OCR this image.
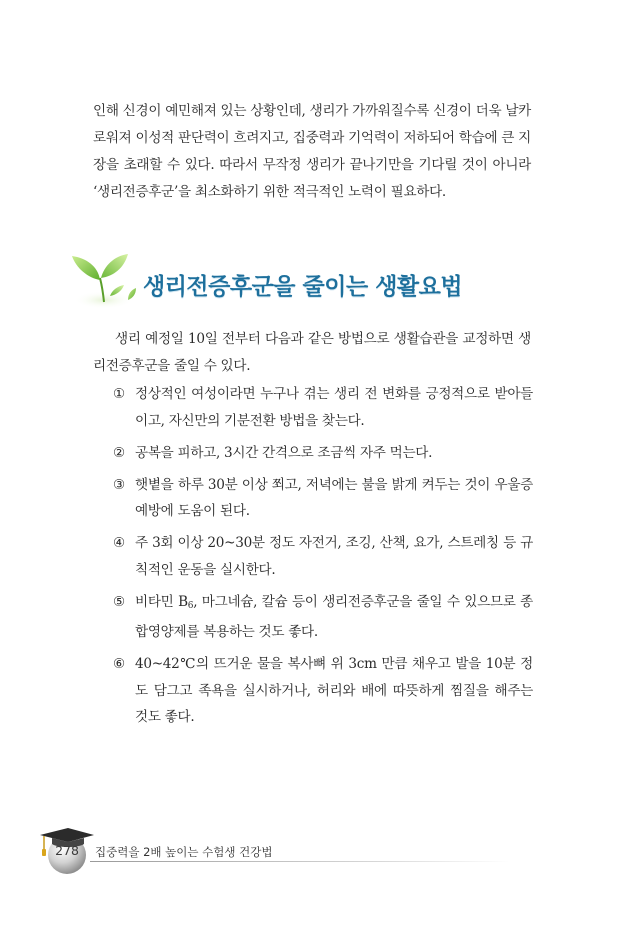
인해 신경이 예민해져 있는 상황인데, 생리가 가까워질수록 신경이 더욱 날카로워져 이성적 판단력이 흐려지고, 집중력과 기억력이 저하되어 학습에 큰 지장을 초래할 수 있다. 따라서 무작정 생리가 끝나기만을 기다릴 것이 아니라 ‘생리전증후군’을 최소화하기 위한 적극적인 노력이 필요하다.

생리전증후군을 줄이는 생활요법

생리 예정일 10일 전부터 다음과 같은 방법으로 생활습관을 교정하면 생리전증후군을 줄일 수 있다.

① 정상적인 여성이라면 누구나 겪는 생리 전 변화를 긍정적으로 받아들이고, 자신만의 기분전환 방법을 찾는다.
② 공복을 피하고, 3시간 간격으로 조금씩 자주 먹는다.
③ 햇볕을 하루 30분 이상 쬐고, 저녁에는 불을 밝게 켜두는 것이 우울증 예방에 도움이 된다.
④ 주 3회 이상 20~30분 정도 자전거, 조깅, 산책, 요가, 스트레칭 등 규칙적인 운동을 실시한다.
⑤ 비타민 $B_6$, 마그네슘, 칼슘 등이 생리전증후군을 줄일 수 있으므로 종합영양제를 복용하는 것도 좋다.
⑥ 40~42℃의 뜨거운 물을 복사뼈 위 3cm 만큼 채우고 발을 10분 정도 담그고 족욕을 실시하거나, 허리와 배에 따뜻하게 찜질을 해주는 것도 좋다.
278	집중력을 2배 높이는 수험생 건강법
